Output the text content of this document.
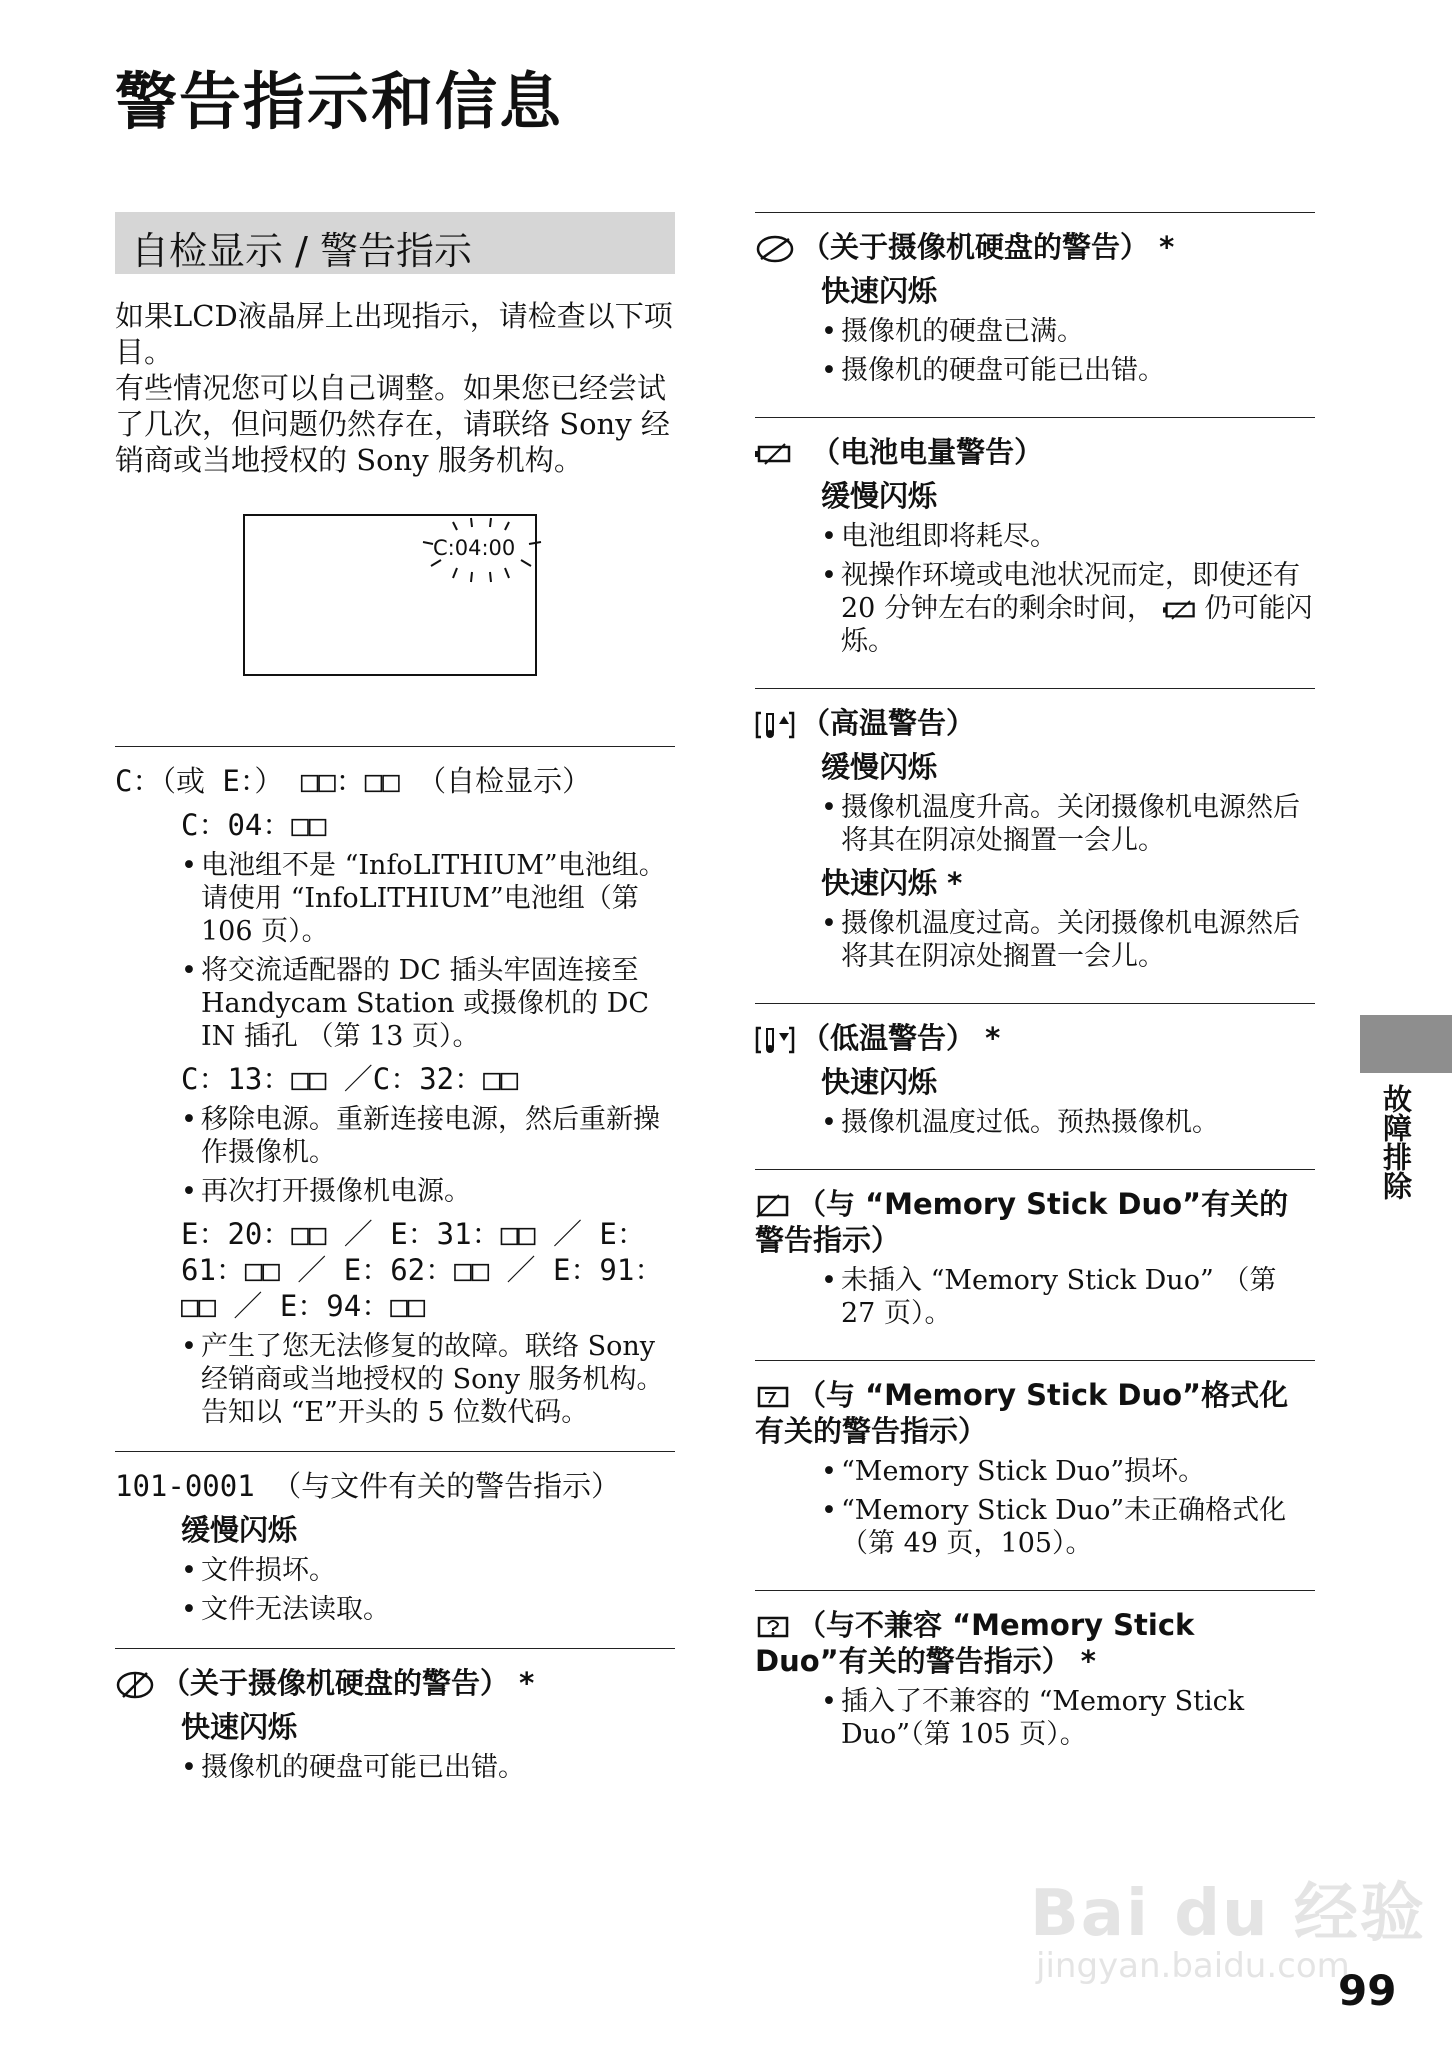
警告指示和信息
自检显示 / 警告指示

如果LCD液晶屏上出现指示，请检查以下项目。

有些情况您可以自己调整。如果您已经尝试了几次，但问题仍然存在，请联络 Sony 经销商或当地授权的 Sony 服务机构。

C:04:00
C：（或 E：） □□：□□ （自检显示）
C：04：□□
• 电池组不是 “InfoLITHIUM”电池组。请使用 “InfoLITHIUM”电池组（第 106 页）。
• 将交流适配器的 DC 插头牢固连接至 Handycam Station 或摄像机的 DC IN 插孔 （第 13 页）。
C：13：□□ ／C：32：□□
• 移除电源。重新连接电源，然后重新操作摄像机。
• 再次打开摄像机电源。
E：20：□□ ／ E：31：□□ ／ E：61：□□ ／ E：62：□□ ／ E：91：□□ ／ E：94：□□
• 产生了您无法修复的故障。联络 Sony 经销商或当地授权的 Sony 服务机构。告知以 “E”开头的 5 位数代码。
101-0001 （与文件有关的警告指示）
缓慢闪烁
• 文件损坏。
• 文件无法读取。
（关于摄像机硬盘的警告） *
快速闪烁
• 摄像机的硬盘可能已出错。
（关于摄像机硬盘的警告） *
快速闪烁
• 摄像机的硬盘已满。
• 摄像机的硬盘可能已出错。
（电池电量警告）
缓慢闪烁
• 电池组即将耗尽。
• 视操作环境或电池状况而定，即使还有 20 分钟左右的剩余时间， 仍可能闪烁。
（高温警告）
缓慢闪烁
• 摄像机温度升高。关闭摄像机电源然后将其在阴凉处搁置一会儿。
快速闪烁 *
• 摄像机温度过高。关闭摄像机电源然后将其在阴凉处搁置一会儿。
（低温警告） *
快速闪烁
• 摄像机温度过低。预热摄像机。
（与 “Memory Stick Duo”有关的警告指示）
• 未插入 “Memory Stick Duo” （第 27 页）。
（与 “Memory Stick Duo”格式化有关的警告指示）
• “Memory Stick Duo”损坏。
• “Memory Stick Duo”未正确格式化（第 49 页，105）。
（与不兼容 “Memory Stick Duo”有关的警告指示） *
• 插入了不兼容的 “Memory Stick Duo”（第 105 页）。
故障排除
Bai du 经验
jingyan.baidu.com
99
